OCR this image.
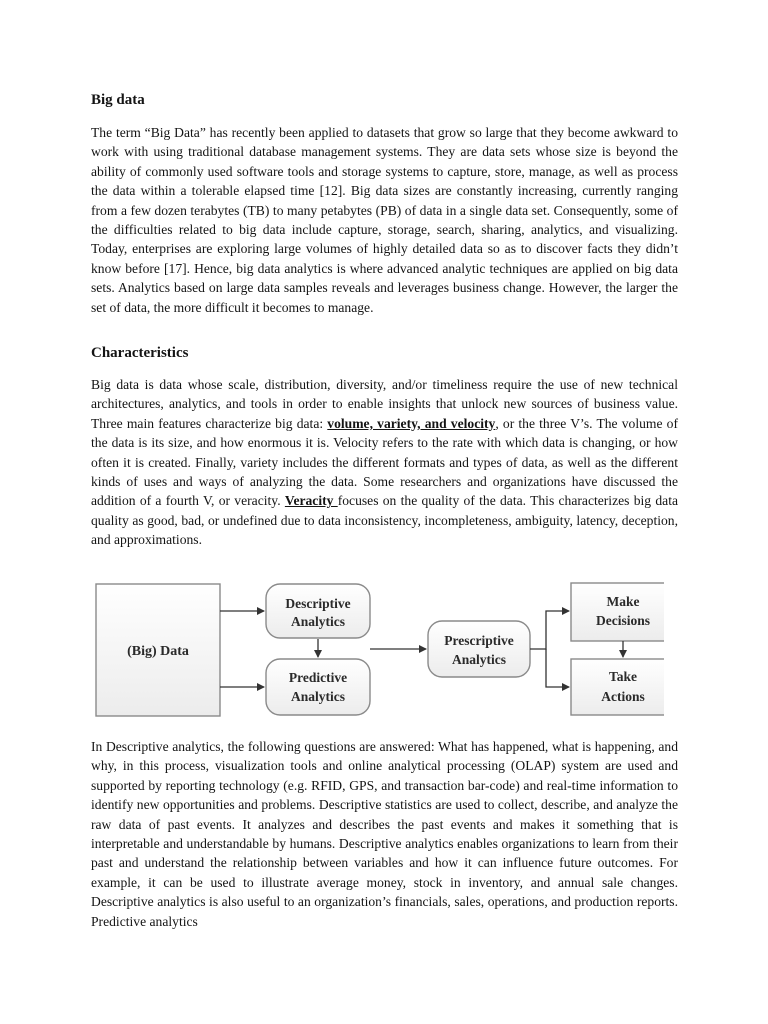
Big data

The term “Big Data” has recently been applied to datasets that grow so large that they become awkward to work with using traditional database management systems. They are data sets whose size is beyond the ability of commonly used software tools and storage systems to capture, store, manage, as well as process the data within a tolerable elapsed time [12]. Big data sizes are constantly increasing, currently ranging from a few dozen terabytes (TB) to many petabytes (PB) of data in a single data set. Consequently, some of the difficulties related to big data include capture, storage, search, sharing, analytics, and visualizing. Today, enterprises are exploring large volumes of highly detailed data so as to discover facts they didn’t know before [17]. Hence, big data analytics is where advanced analytic techniques are applied on big data sets. Analytics based on large data samples reveals and leverages business change. However, the larger the set of data, the more difficult it becomes to manage.

Characteristics

Big data is data whose scale, distribution, diversity, and/or timeliness require the use of new technical architectures, analytics, and tools in order to enable insights that unlock new sources of business value. Three main features characterize big data: volume, variety, and velocity, or the three V’s. The volume of the data is its size, and how enormous it is. Velocity refers to the rate with which data is changing, or how often it is created. Finally, variety includes the different formats and types of data, as well as the different kinds of uses and ways of analyzing the data. Some researchers and organizations have discussed the addition of a fourth V, or veracity. Veracity focuses on the quality of the data. This characterizes big data quality as good, bad, or undefined due to data inconsistency, incompleteness, ambiguity, latency, deception, and approximations.

(Big) Data
Descriptive
Analytics
Predictive
Analytics
Prescriptive
Analytics
Make
Decisions
Take
Actions

In Descriptive analytics, the following questions are answered: What has happened, what is happening, and why, in this process, visualization tools and online analytical processing (OLAP) system are used and supported by reporting technology (e.g. RFID, GPS, and transaction bar-code) and real-time information to identify new opportunities and problems. Descriptive statistics are used to collect, describe, and analyze the raw data of past events. It analyzes and describes the past events and makes it something that is interpretable and understandable by humans. Descriptive analytics enables organizations to learn from their past and understand the relationship between variables and how it can influence future outcomes. For example, it can be used to illustrate average money, stock in inventory, and annual sale changes. Descriptive analytics is also useful to an organization’s financials, sales, operations, and production reports. Predictive analytics
